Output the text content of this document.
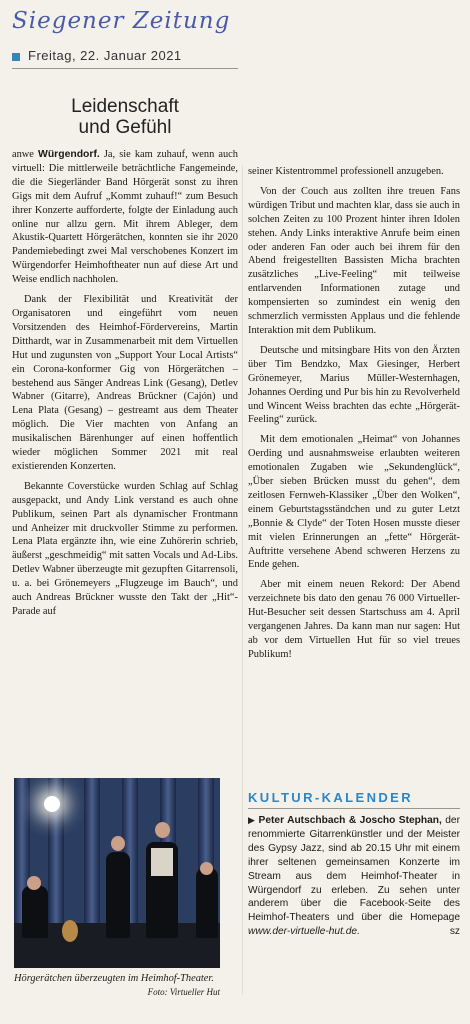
Siegener Zeitung
Freitag, 22. Januar 2021
Leidenschaft
und Gefühl

anwe Würgendorf. Ja, sie kam zuhauf, wenn auch virtuell: Die mittlerweile beträchtliche Fangemeinde, die die Siegerländer Band Hörgerät sonst zu ihren Gigs mit dem Aufruf „Kommt zuhauf!“ zum Besuch ihrer Konzerte aufforderte, folgte der Einladung auch online nur allzu gern. Mit ihrem Ableger, dem Akustik-Quartett Hörgerätchen, konnten sie ihr 2020 Pandemiebedingt zwei Mal verschobenes Konzert im Würgendorfer Heimhoftheater nun auf diese Art und Weise endlich nachholen.

Dank der Flexibilität und Kreativität der Organisatoren und eingeführt vom neuen Vorsitzenden des Heimhof-Fördervereins, Martin Ditthardt, war in Zusammenarbeit mit dem Virtuellen Hut und zugunsten von „Support Your Local Artists“ ein Corona-konformer Gig von Hörgerätchen – bestehend aus Sänger Andreas Link (Gesang), Detlev Wabner (Gitarre), Andreas Brückner (Cajón) und Lena Plata (Gesang) – gestreamt aus dem Theater möglich. Die Vier machten von Anfang an musikalischen Bärenhunger auf einen hoffentlich wieder möglichen Sommer 2021 mit real existierenden Konzerten.

Bekannte Coverstücke wurden Schlag auf Schlag ausgepackt, und Andy Link verstand es auch ohne Publikum, seinen Part als dynamischer Frontmann und Anheizer mit druckvoller Stimme zu performen. Lena Plata ergänzte ihn, wie eine Zuhörerin schrieb, äußerst „geschmeidig“ mit satten Vocals und Ad-Libs. Detlev Wabner überzeugte mit gezupften Gitarrensoli, u. a. bei Grönemeyers „Flugzeuge im Bauch“, und auch Andreas Brückner wusste den Takt der „Hit“-Parade auf

Hörgerätchen überzeugten im Heimhof-Theater.
Foto: Virtueller Hut

seiner Kistentrommel professionell anzugeben.

Von der Couch aus zollten ihre treuen Fans würdigen Tribut und machten klar, dass sie auch in solchen Zeiten zu 100 Prozent hinter ihren Idolen stehen. Andy Links interaktive Anrufe beim einen oder anderen Fan oder auch bei ihrem für den Abend freigestellten Bassisten Micha brachten zusätzliches „Live-Feeling“ mit teilweise entlarvenden Informationen zutage und kompensierten so zumindest ein wenig den schmerzlich vermissten Applaus und die fehlende Interaktion mit dem Publikum.

Deutsche und mitsingbare Hits von den Ärzten über Tim Bendzko, Max Giesinger, Herbert Grönemeyer, Marius Müller-Westernhagen, Johannes Oerding und Pur bis hin zu Revolverheld und Wincent Weiss brachten das echte „Hörgerät-Feeling“ zurück.

Mit dem emotionalen „Heimat“ von Johannes Oerding und ausnahmsweise erlaubten weiteren emotionalen Zugaben wie „Sekundenglück“, „Über sieben Brücken musst du gehen“, dem zeitlosen Fernweh-Klassiker „Über den Wolken“, einem Geburtstagsständchen und zu guter Letzt „Bonnie & Clyde“ der Toten Hosen musste dieser mit vielen Erinnerungen an „fette“ Hörgerät-Auftritte versehene Abend schweren Herzens zu Ende gehen.

Aber mit einem neuen Rekord: Der Abend verzeichnete bis dato den genau 76 000 Virtueller-Hut-Besucher seit dessen Startschuss am 4. April vergangenen Jahres. Da kann man nur sagen: Hut ab vor dem Virtuellen Hut für so viel treues Publikum!

KULTUR-KALENDER
▶ Peter Autschbach & Joscho Stephan, der renommierte Gitarrenkünstler und der Meister des Gypsy Jazz, sind ab 20.15 Uhr mit einem ihrer seltenen gemeinsamen Konzerte im Stream aus dem Heimhof-Theater in Würgendorf zu erleben. Zu sehen unter anderem über die Facebook-Seite des Heimhof-Theaters und über die Homepage www.der-virtuelle-hut.de.	sz
